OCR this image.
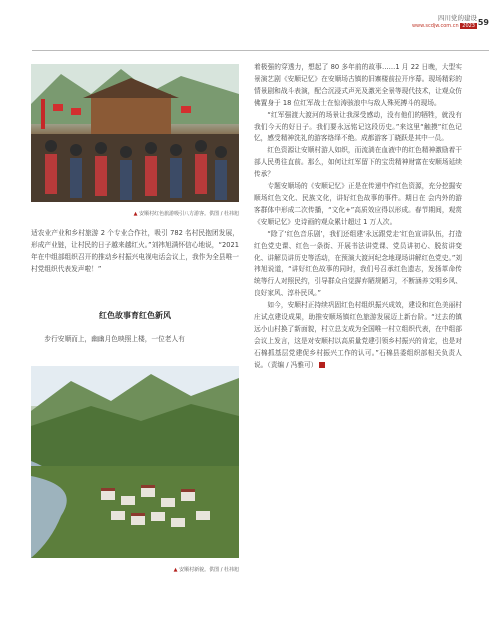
四川党的建设
www.scdjw.com.cn 2023 59
▲ 安顺村红色旅游吸引八方游客。供图 / 杜祎旭

适农业产业和乡村旅游 2 个专业合作社，吸引 782 名村民抱团发展，形成产业链，让村民的日子越来越红火。”刘祎旭满怀信心地说，“2021 年在中组部组织召开的推动乡村振兴电视电话会议上，我作为全县唯一村党组织代表发声啦！”

红色故事育红色新风

步行安顺而上，幽幽月色映照上楼，一位老人有

▲ 安顺村新貌。供图 / 杜祎旭

着极强的穿透力，想起了 80 多年前的故事……1 月 22 日晚，大型实景演艺剧《安顺记忆》在安顺场古镇的旧寨楼前拉开序幕。现场精彩的情景剧和战斗表演，配合沉浸式声光及激光全景等现代技术，让观众仿佛置身于 18 位红军战士在惊涛骇浪中与敌人殊死搏斗的现场。

“红军强渡大渡河的场景让我深受感动，没有他们的牺牲，就没有我们今天的好日子。我们要永远铭记这段历史。”来这里“触摸”红色记忆，感受精神洗礼的游客络绎不绝。成都游客丁晓跃是其中一员。

红色资源让安顺村游人如织，而流淌在血液中的红色精神激励着干部人民勇往直前。那么，如何让红军留下的宝贵精神财富在安顺场延续传承？

专题安顺场的《安顺记忆》正是在传递中作红色资源，充分挖掘安顺场红色文化、民族文化，讲好红色故事的事件。期日在 会内外的游客群体中形成二次传播，“文化+”高质效应得以形成。春节期间，观赏《安顺记忆》史诗画的观众累计超过 1 万人次。

“除了‘红色音乐剧’，我们还组建‘永远跟党走’红色宣讲队伍，打造红色党史课、红色一条街、开展书法讲党课、党员讲初心、脱贫讲变化、讲解员讲历史等活动，在预演大渡河纪念地现场讲解红色党史。”刘祎旭说道，“讲好红色故事的同时，我们号召承红色遗志，发扬革命传统等行人对照民约，引导群众自觉摒弃陋规陋习，不断涵养文明乡风、良好家风、淳朴民风。”

如今，安顺村正持续巩固红色村组织振兴成效，建设和红色美丽村庄试点建设成果，助推安顺场镇红色旅游发展迈上新台阶。“过去的镇远小山村换了新面貌，村立总支成为全国唯一村立组织代表，在中组部会议上发言，这是对安顺村以高质量党建引领乡村振兴的肯定，也是对石棉抓基层党建促乡村振兴工作的认可。”石棉县委组织部相关负责人说。（责编 / 冯雅可）
